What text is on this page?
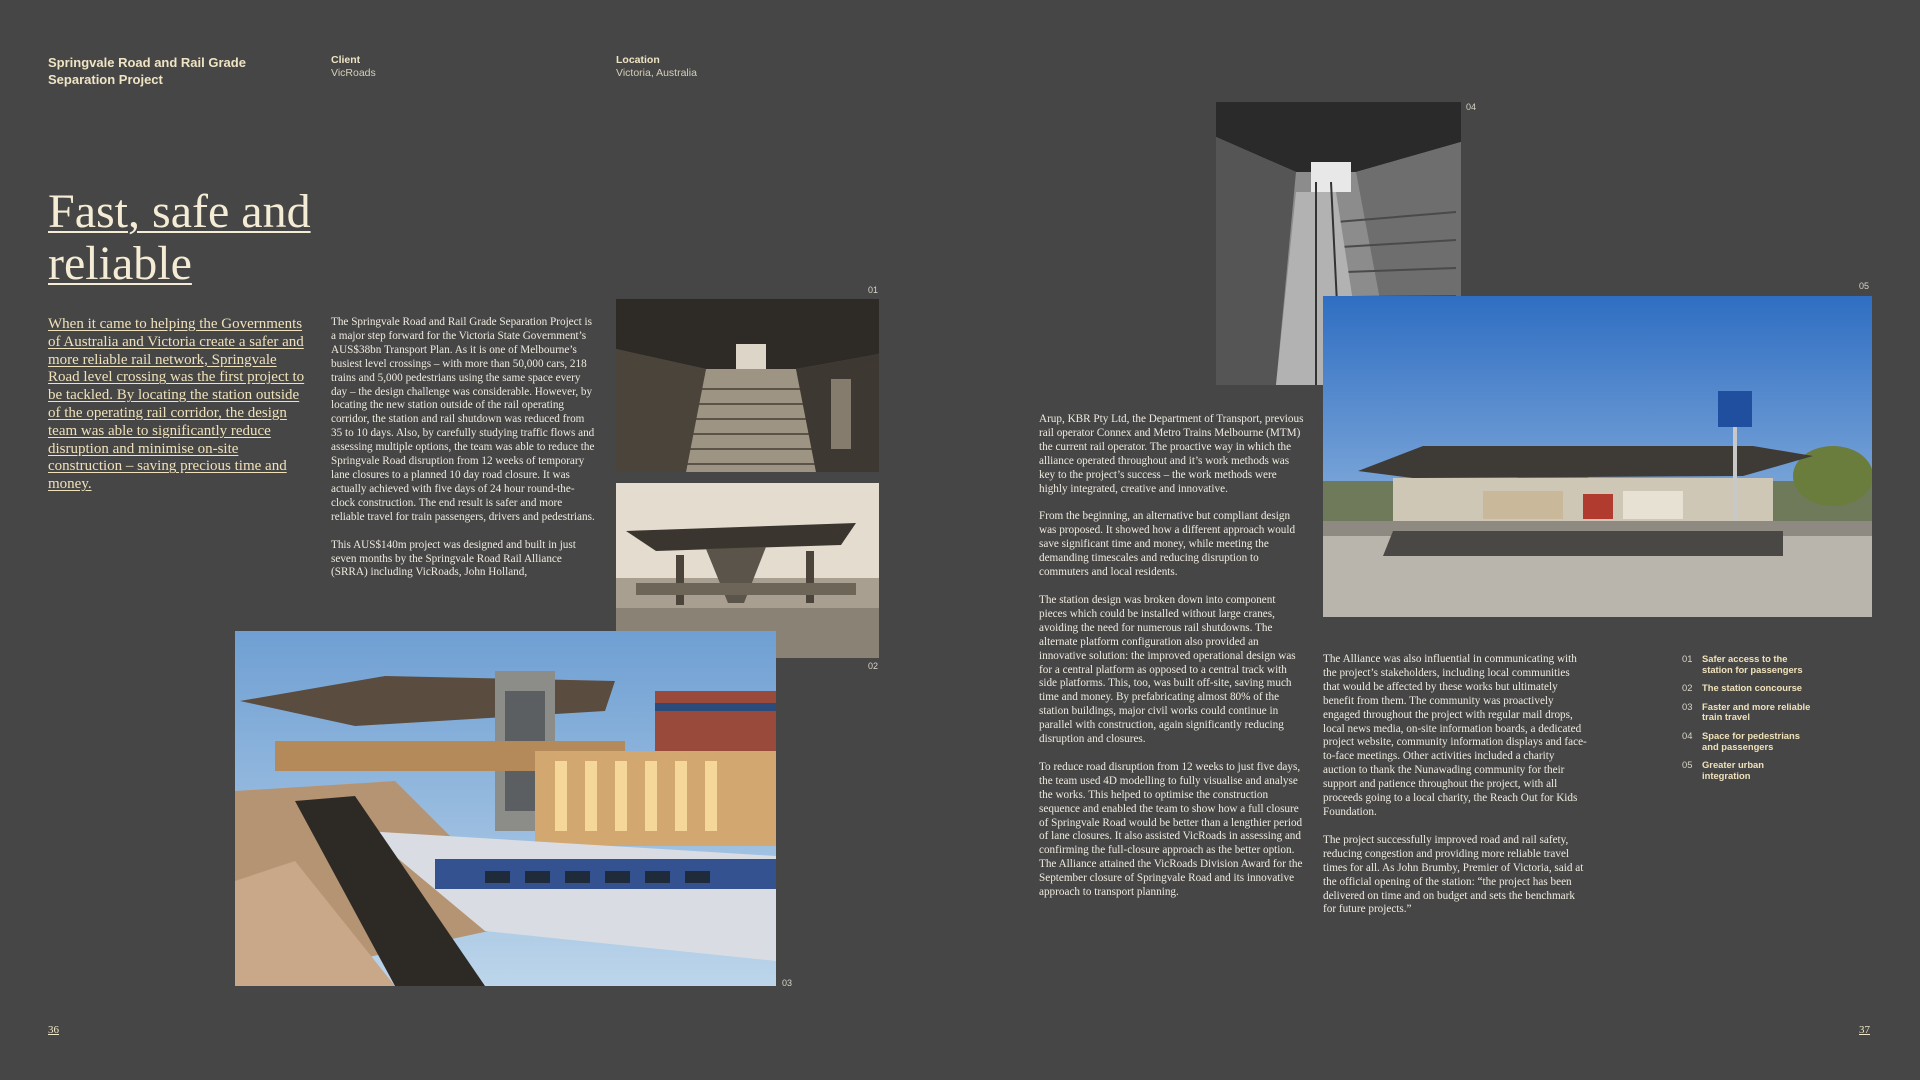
Springvale Road and Rail Grade Separation Project
Client
VicRoads
Location
Victoria, Australia
Fast, safe and reliable
When it came to helping the Governments of Australia and Victoria create a safer and more reliable rail network, Springvale Road level crossing was the first project to be tackled. By locating the station outside of the operating rail corridor, the design team was able to significantly reduce disruption and minimise on-site construction – saving precious time and money.

The Springvale Road and Rail Grade Separation Project is a major step forward for the Victoria State Government’s AUS$38bn Transport Plan. As it is one of Melbourne’s busiest level crossings – with more than 50,000 cars, 218 trains and 5,000 pedestrians using the same space every day – the design challenge was considerable. However, by locating the new station outside of the rail operating corridor, the station and rail shutdown was reduced from 35 to 10 days. Also, by carefully studying traffic flows and assessing multiple options, the team was able to reduce the Springvale Road disruption from 12 weeks of temporary lane closures to a planned 10 day road closure. It was actually achieved with five days of 24 hour round-the-clock construction. The end result is safer and more reliable travel for train passengers, drivers and pedestrians.

This AUS$140m project was designed and built in just seven months by the Springvale Road Rail Alliance (SRRA) including VicRoads, John Holland,

Arup, KBR Pty Ltd, the Department of Transport, previous rail operator Connex and Metro Trains Melbourne (MTM) the current rail operator. The proactive way in which the alliance operated throughout and it’s work methods was key to the project’s success – the work methods were highly integrated, creative and innovative.

From the beginning, an alternative but compliant design was proposed. It showed how a different approach would save significant time and money, while meeting the demanding timescales and reducing disruption to commuters and local residents.

The station design was broken down into component pieces which could be installed without large cranes, avoiding the need for numerous rail shutdowns. The alternate platform configuration also provided an innovative solution: the improved operational design was for a central platform as opposed to a central track with side platforms. This, too, was built off-site, saving much time and money. By prefabricating almost 80% of the station buildings, major civil works could continue in parallel with construction, again significantly reducing disruption and closures.

To reduce road disruption from 12 weeks to just five days, the team used 4D modelling to fully visualise and analyse the works. This helped to optimise the construction sequence and enabled the team to show how a full closure of Springvale Road would be better than a lengthier period of lane closures. It also assisted VicRoads in assessing and confirming the full-closure approach as the better option. The Alliance attained the VicRoads Division Award for the September closure of Springvale Road and its innovative approach to transport planning.

The Alliance was also influential in communicating with the project’s stakeholders, including local communities that would be affected by these works but ultimately benefit from them. The community was proactively engaged throughout the project with regular mail drops, local news media, on-site information boards, a dedicated project website, community information displays and face-to-face meetings. Other activities included a charity auction to thank the Nunawading community for their support and patience throughout the project, with all proceeds going to a local charity, the Reach Out for Kids Foundation.

The project successfully improved road and rail safety, reducing congestion and providing more reliable travel times for all. As John Brumby, Premier of Victoria, said at the official opening of the station: “the project has been delivered on time and on budget and sets the benchmark for future projects.”

01
02
03
04
05
01	Safer access to the station for passengers
02	The station concourse
03	Faster and more reliable train travel
04	Space for pedestrians and passengers
05	Greater urban integration
36	37
